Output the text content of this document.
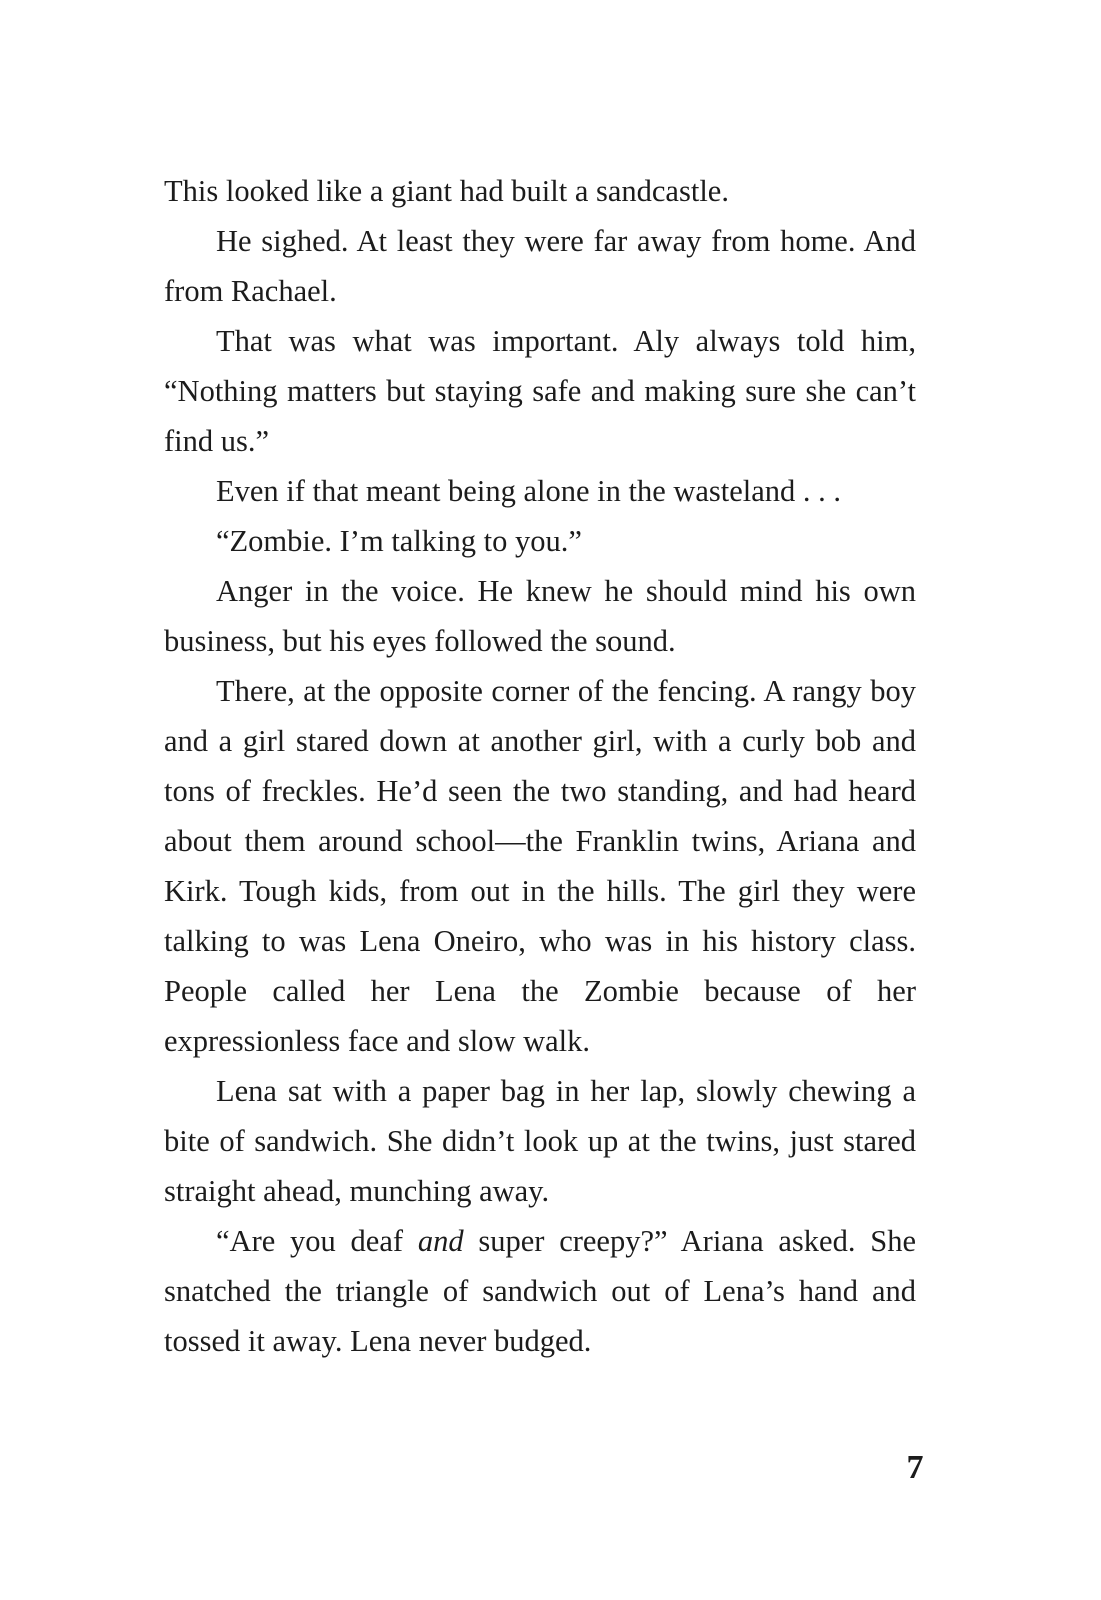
This looked like a giant had built a sandcastle.

He sighed. At least they were far away from home. And from Rachael.

That was what was important. Aly always told him, “Nothing matters but staying safe and making sure she can’t find us.”

Even if that meant being alone in the wasteland . . .

“Zombie. I’m talking to you.”

Anger in the voice. He knew he should mind his own business, but his eyes followed the sound.

There, at the opposite corner of the fencing. A rangy boy and a girl stared down at another girl, with a curly bob and tons of freckles. He’d seen the two standing, and had heard about them around school—the Franklin twins, Ariana and Kirk. Tough kids, from out in the hills. The girl they were talking to was Lena Oneiro, who was in his history class. People called her Lena the Zombie because of her expressionless face and slow walk.

Lena sat with a paper bag in her lap, slowly chewing a bite of sandwich. She didn’t look up at the twins, just stared straight ahead, munching away.

“Are you deaf and super creepy?” Ariana asked. She snatched the triangle of sandwich out of Lena’s hand and tossed it away. Lena never budged.

7
